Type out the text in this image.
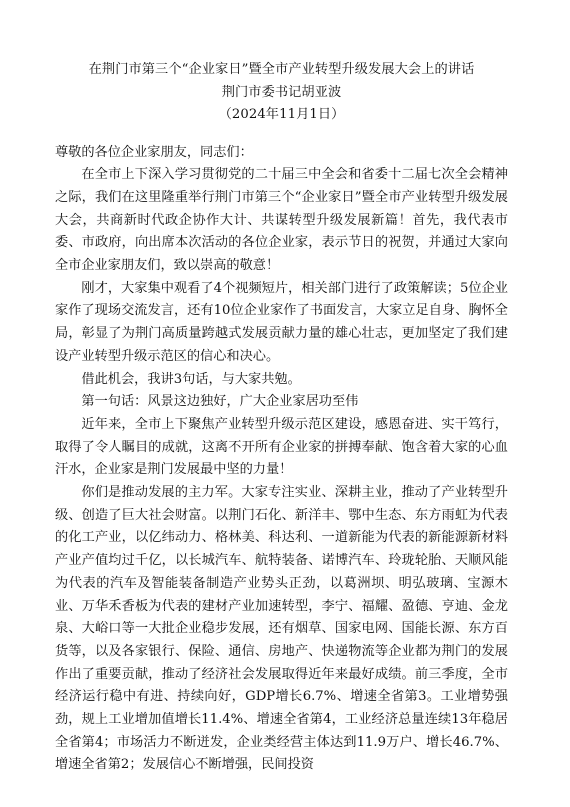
在荆门市第三个“企业家日”暨全市产业转型升级发展大会上的讲话
荆门市委书记胡亚波
（2024年11月1日）

尊敬的各位企业家朋友，同志们：

在全市上下深入学习贯彻党的二十届三中全会和省委十二届七次全会精神之际，我们在这里隆重举行荆门市第三个“企业家日”暨全市产业转型升级发展大会，共商新时代政企协作大计、共谋转型升级发展新篇！首先，我代表市委、市政府，向出席本次活动的各位企业家，表示节日的祝贺，并通过大家向全市企业家朋友们，致以崇高的敬意！

刚才，大家集中观看了4个视频短片，相关部门进行了政策解读；5位企业家作了现场交流发言，还有10位企业家作了书面发言，大家立足自身、胸怀全局，彰显了为荆门高质量跨越式发展贡献力量的雄心壮志，更加坚定了我们建设产业转型升级示范区的信心和决心。

借此机会，我讲3句话，与大家共勉。

第一句话：风景这边独好，广大企业家居功至伟

近年来，全市上下聚焦产业转型升级示范区建设，感恩奋进、实干笃行，取得了令人瞩目的成就，这离不开所有企业家的拼搏奉献、饱含着大家的心血汗水，企业家是荆门发展最中坚的力量！

你们是推动发展的主力军。大家专注实业、深耕主业，推动了产业转型升级、创造了巨大社会财富。以荆门石化、新洋丰、鄂中生态、东方雨虹为代表的化工产业，以亿纬动力、格林美、科达利、一道新能为代表的新能源新材料产业产值均过千亿，以长城汽车、航特装备、诺博汽车、玲珑轮胎、天顺风能为代表的汽车及智能装备制造产业势头正劲，以葛洲坝、明弘玻璃、宝源木业、万华禾香板为代表的建材产业加速转型，李宁、福耀、盈德、亨迪、金龙泉、大峪口等一大批企业稳步发展，还有烟草、国家电网、国能长源、东方百货等，以及各家银行、保险、通信、房地产、快递物流等企业都为荆门的发展作出了重要贡献，推动了经济社会发展取得近年来最好成绩。前三季度，全市经济运行稳中有进、持续向好，GDP增长6.7%、增速全省第3。工业增势强劲，规上工业增加值增长11.4%、增速全省第4，工业经济总量连续13年稳居全省第4；市场活力不断迸发，企业类经营主体达到11.9万户、增长46.7%、增速全省第2；发展信心不断增强，民间投资
